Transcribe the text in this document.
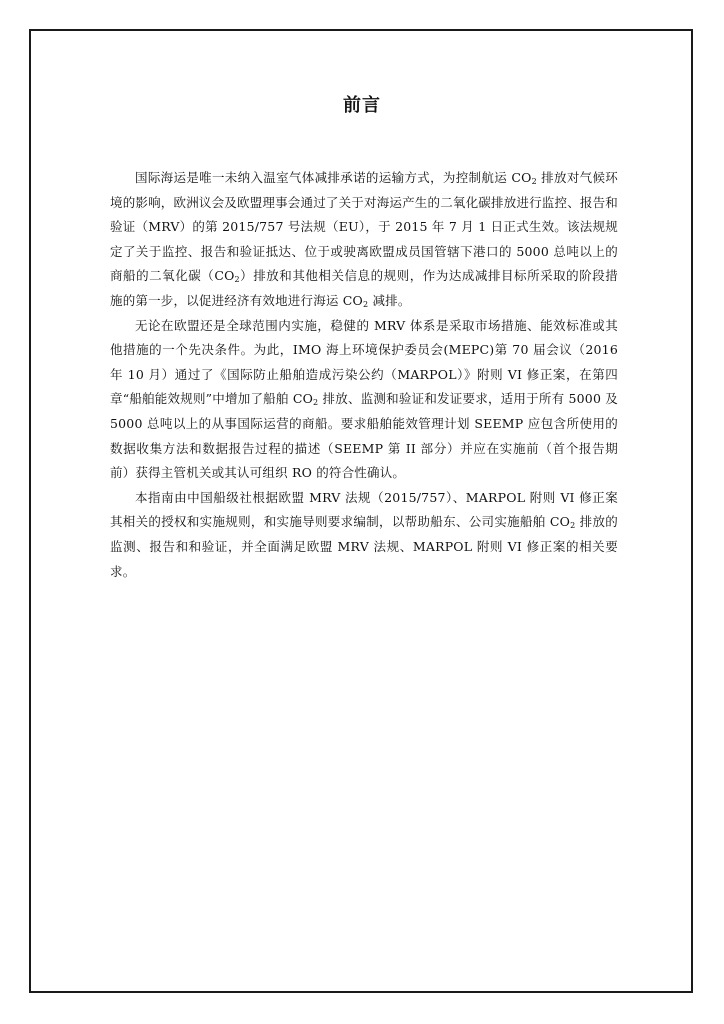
前言

国际海运是唯一未纳入温室气体减排承诺的运输方式，为控制航运 $CO_2$ 排放对气候环境的影响，欧洲议会及欧盟理事会通过了关于对海运产生的二氧化碳排放进行监控、报告和验证（MRV）的第 2015/757 号法规（EU），于 2015 年 7 月 1 日正式生效。该法规规定了关于监控、报告和验证抵达、位于或驶离欧盟成员国管辖下港口的 5000 总吨以上的商船的二氧化碳$(CO_2)$排放和其他相关信息的规则，作为达成减排目标所采取的阶段措施的第一步，以促进经济有效地进行海运 $CO_2$ 减排。

无论在欧盟还是全球范围内实施，稳健的 MRV 体系是采取市场措施、能效标准或其他措施的一个先决条件。为此，IMO 海上环境保护委员会(MEPC)第 70 届会议（2016 年 10 月）通过了《国际防止船舶造成污染公约（MARPOL）》附则 VI 修正案，在第四章“船舶能效规则”中增加了船舶 $CO_2$ 排放、监测和验证和发证要求，适用于所有 5000 及 5000 总吨以上的从事国际运营的商船。要求船舶能效管理计划 SEEMP 应包含所使用的数据收集方法和数据报告过程的描述（SEEMP 第 II 部分）并应在实施前（首个报告期前）获得主管机关或其认可组织 RO 的符合性确认。

本指南由中国船级社根据欧盟 MRV 法规（2015/757）、MARPOL 附则 VI 修正案其相关的授权和实施规则，和实施导则要求编制，以帮助船东、公司实施船舶 $CO_2$ 排放的监测、报告和和验证，并全面满足欧盟 MRV 法规、MARPOL 附则 VI 修正案的相关要求。
